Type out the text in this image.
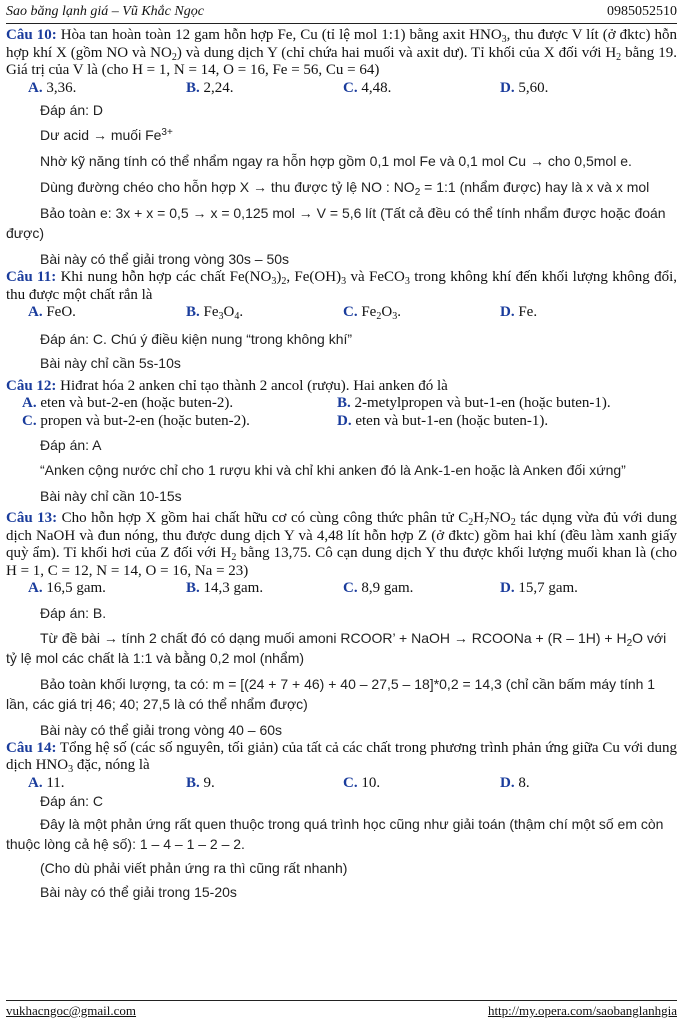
Sao băng lạnh giá – Vũ Khắc Ngọc	0985052510

Câu 10: Hòa tan hoàn toàn 12 gam hỗn hợp Fe, Cu (tỉ lệ mol 1:1) bằng axit $HNO_3$, thu được V lít (ở đktc) hỗn hợp khí X (gồm NO và $NO_2$) và dung dịch Y (chỉ chứa hai muối và axit dư). Tỉ khối của X đối với $H_2$ bằng 19. Giá trị của V là (cho H = 1, N = 14, O = 16, Fe = 56, Cu = 64)

A. 3,36.	B. 2,24.	C. 4,48.	D. 5,60.

Đáp án: D

Dư acid → muối $Fe^{3+}$

Nhờ kỹ năng tính có thể nhẩm ngay ra hỗn hợp gồm 0,1 mol Fe và 0,1 mol Cu → cho 0,5mol e.

Dùng đường chéo cho hỗn hợp X → thu được tỷ lệ NO : $NO_2$ = 1:1 (nhẩm được) hay là x và x mol

Bảo toàn e: 3x + x = 0,5 → x = 0,125 mol → V = 5,6 lít (Tất cả đều có thể tính nhẩm được hoặc đoán được)

Bài này có thể giải trong vòng 30s – 50s

Câu 11: Khi nung hỗn hợp các chất $Fe(NO_3)_2$, $Fe(OH)_3$ và FeCO$_3$ trong không khí đến khối lượng không đổi, thu được một chất rắn là

A. FeO.	B. $Fe_3O_4$.	C. $Fe_2O_3$.	D. Fe.

Đáp án: C. Chú ý điều kiện nung “trong không khí”

Bài này chỉ cần 5s-10s

Câu 12: Hiđrat hóa 2 anken chỉ tạo thành 2 ancol (rượu). Hai anken đó là

A. eten và but-2-en (hoặc buten-2).	B. 2-metylpropen và but-1-en (hoặc buten-1).
C. propen và but-2-en (hoặc buten-2).	D. eten và but-1-en (hoặc buten-1).

Đáp án: A

“Anken cộng nước chỉ cho 1 rượu khi và chỉ khi anken đó là Ank-1-en hoặc là Anken đối xứng”

Bài này chỉ cần 10-15s

Câu 13: Cho hỗn hợp X gồm hai chất hữu cơ có cùng công thức phân tử $C_2H_7NO_2$ tác dụng vừa đủ với dung dịch NaOH và đun nóng, thu được dung dịch Y và 4,48 lít hỗn hợp Z (ở đktc) gồm hai khí (đều làm xanh giấy quỳ ẩm). Tỉ khối hơi của Z đối với $H_2$ bằng 13,75. Cô cạn dung dịch Y thu được khối lượng muối khan là (cho H = 1, C = 12, N = 14, O = 16, Na = 23)

A. 16,5 gam.	B. 14,3 gam.	C. 8,9 gam.	D. 15,7 gam.

Đáp án: B.

Từ đề bài → tính 2 chất đó có dạng muối amoni RCOOR’ + NaOH → RCOONa + $(R - 1H) + H_2O$ với tỷ lệ mol các chất là 1:1 và bằng 0,2 mol (nhẩm)

Bảo toàn khối lượng, ta có: m = [(24 + 7 + 46) + 40 – 27,5 – 18]*0,2 = 14,3 (chỉ cần bấm máy tính 1 lần, các giá trị 46; 40; 27,5 là có thể nhẩm được)

Bài này có thể giải trong vòng 40 – 60s

Câu 14: Tổng hệ số (các số nguyên, tối giản) của tất cả các chất trong phương trình phản ứng giữa Cu với dung dịch $HNO_3$ đặc, nóng là

A. 11.	B. 9.	C. 10.	D. 8.

Đáp án: C

Đây là một phản ứng rất quen thuộc trong quá trình học cũng như giải toán (thậm chí một số em còn thuộc lòng cả hệ số): 1 – 4 – 1 – 2 – 2.

(Cho dù phải viết phản ứng ra thì cũng rất nhanh)

Bài này có thể giải trong 15-20s

vukhacngoc@gmail.com	http://my.opera.com/saobanglanhgia
